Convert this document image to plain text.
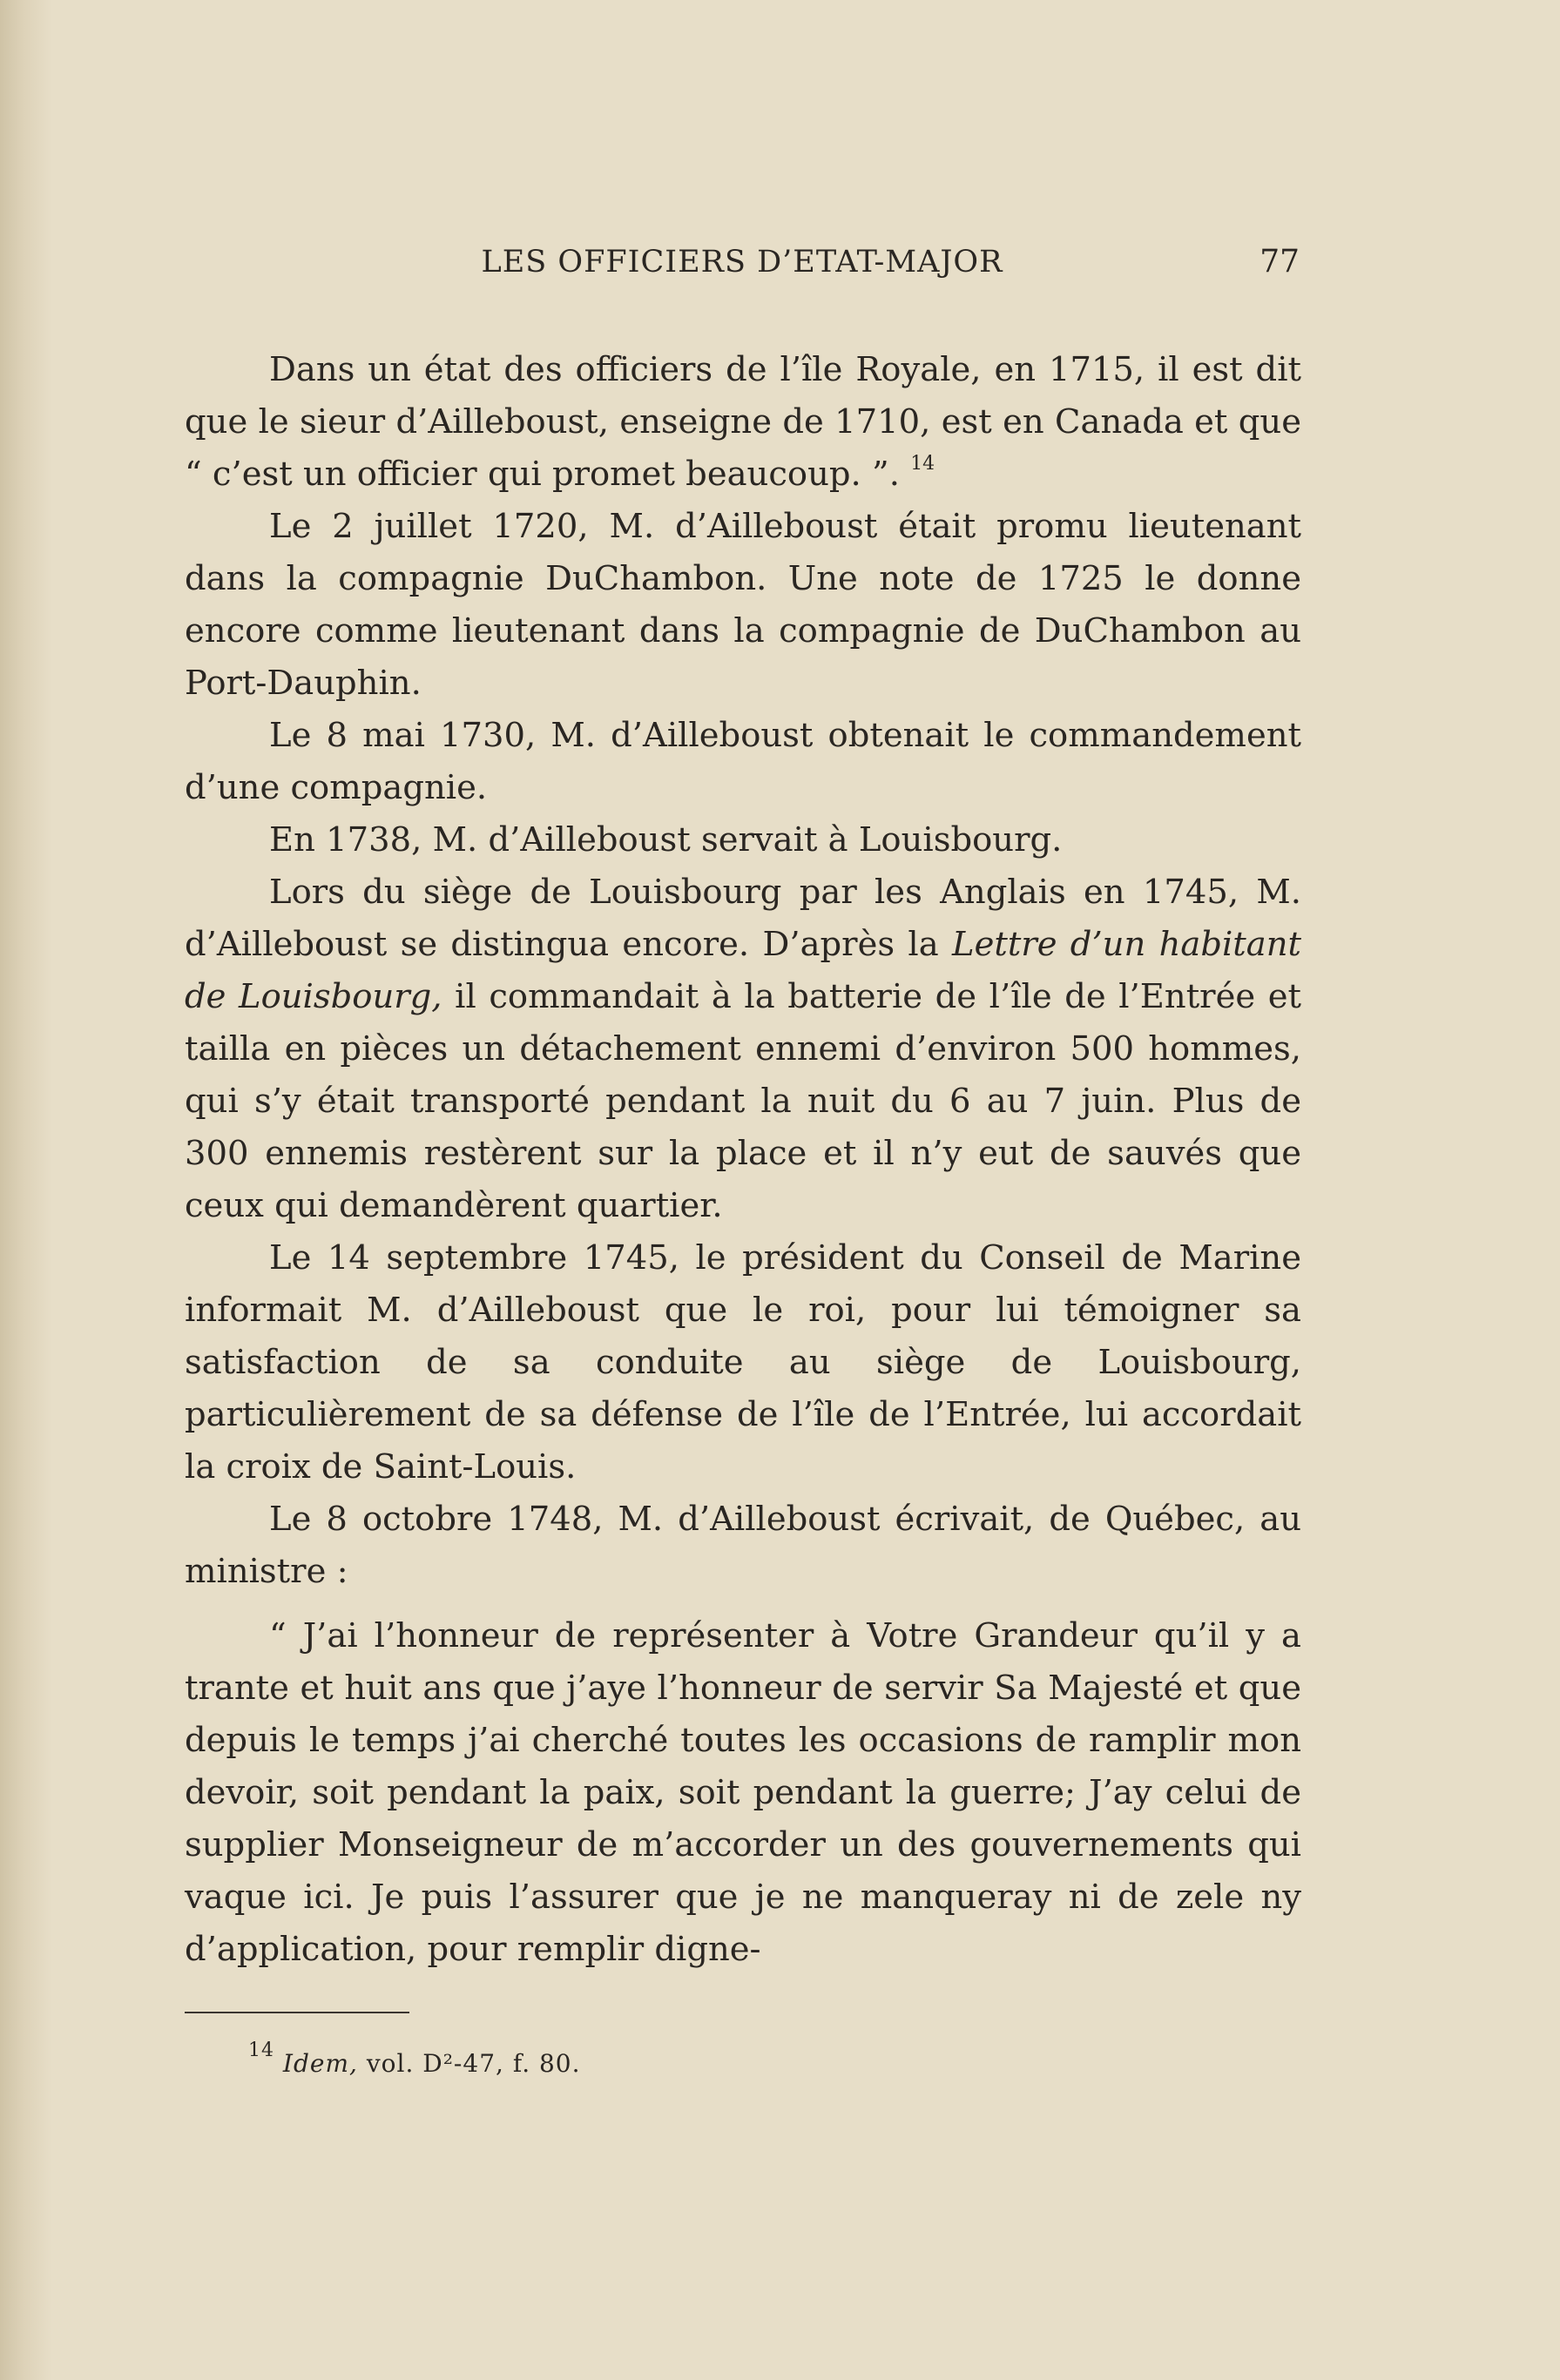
LES OFFICIERS D’ETAT-MAJOR	77

Dans un état des officiers de l’île Royale, en 1715, il est dit que le sieur d’Ailleboust, enseigne de 1710, est en Canada et que “ c’est un officier qui promet beaucoup. ”. $^{14}$

Le 2 juillet 1720, M. d’Ailleboust était promu lieutenant dans la compagnie DuChambon. Une note de 1725 le donne encore comme lieutenant dans la compagnie de DuChambon au Port-Dauphin.

Le 8 mai 1730, M. d’Ailleboust obtenait le commandement d’une compagnie.

En 1738, M. d’Ailleboust servait à Louisbourg.

Lors du siège de Louisbourg par les Anglais en 1745, M. d’Ailleboust se distingua encore. D’après la Lettre d’un habitant de Louisbourg, il commandait à la batterie de l’île de l’Entrée et tailla en pièces un détachement ennemi d’environ 500 hommes, qui s’y était transporté pendant la nuit du 6 au 7 juin. Plus de 300 ennemis restèrent sur la place et il n’y eut de sauvés que ceux qui demandèrent quartier.

Le 14 septembre 1745, le président du Conseil de Marine informait M. d’Ailleboust que le roi, pour lui témoigner sa satisfaction de sa conduite au siège de Louisbourg, particulièrement de sa défense de l’île de l’Entrée, lui accordait la croix de Saint-Louis.

Le 8 octobre 1748, M. d’Ailleboust écrivait, de Québec, au ministre :

“ J’ai l’honneur de représenter à Votre Grandeur qu’il y a trante et huit ans que j’aye l’honneur de servir Sa Majesté et que depuis le temps j’ai cherché toutes les occasions de ramplir mon devoir, soit pendant la paix, soit pendant la guerre; J’ay celui de supplier Monseigneur de m’accorder un des gouvernements qui vaque ici. Je puis l’assurer que je ne manqueray ni de zele ny d’application, pour remplir digne-

$^{14}$ Idem, vol. D²-47, f. 80.
